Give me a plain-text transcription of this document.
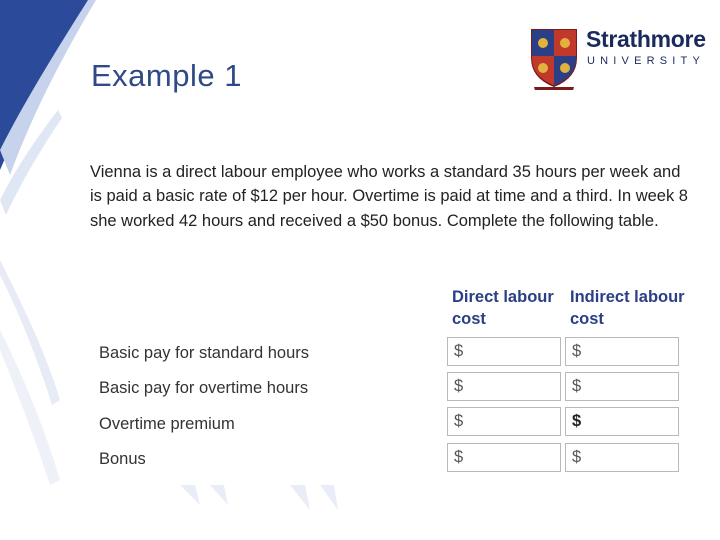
Example 1
Strathmore
UNIVERSITY
Vienna is a direct labour employee who works a standard 35 hours per week and is paid a basic rate of $12 per hour. Overtime is paid at time and a third. In week 8 she worked 42 hours and received a $50 bonus. Complete the following table.
Direct labour cost
Indirect labour cost
Basic pay for standard hours	$	$
Basic pay for overtime hours	$	$
Overtime premium	$	$
Bonus	$	$
